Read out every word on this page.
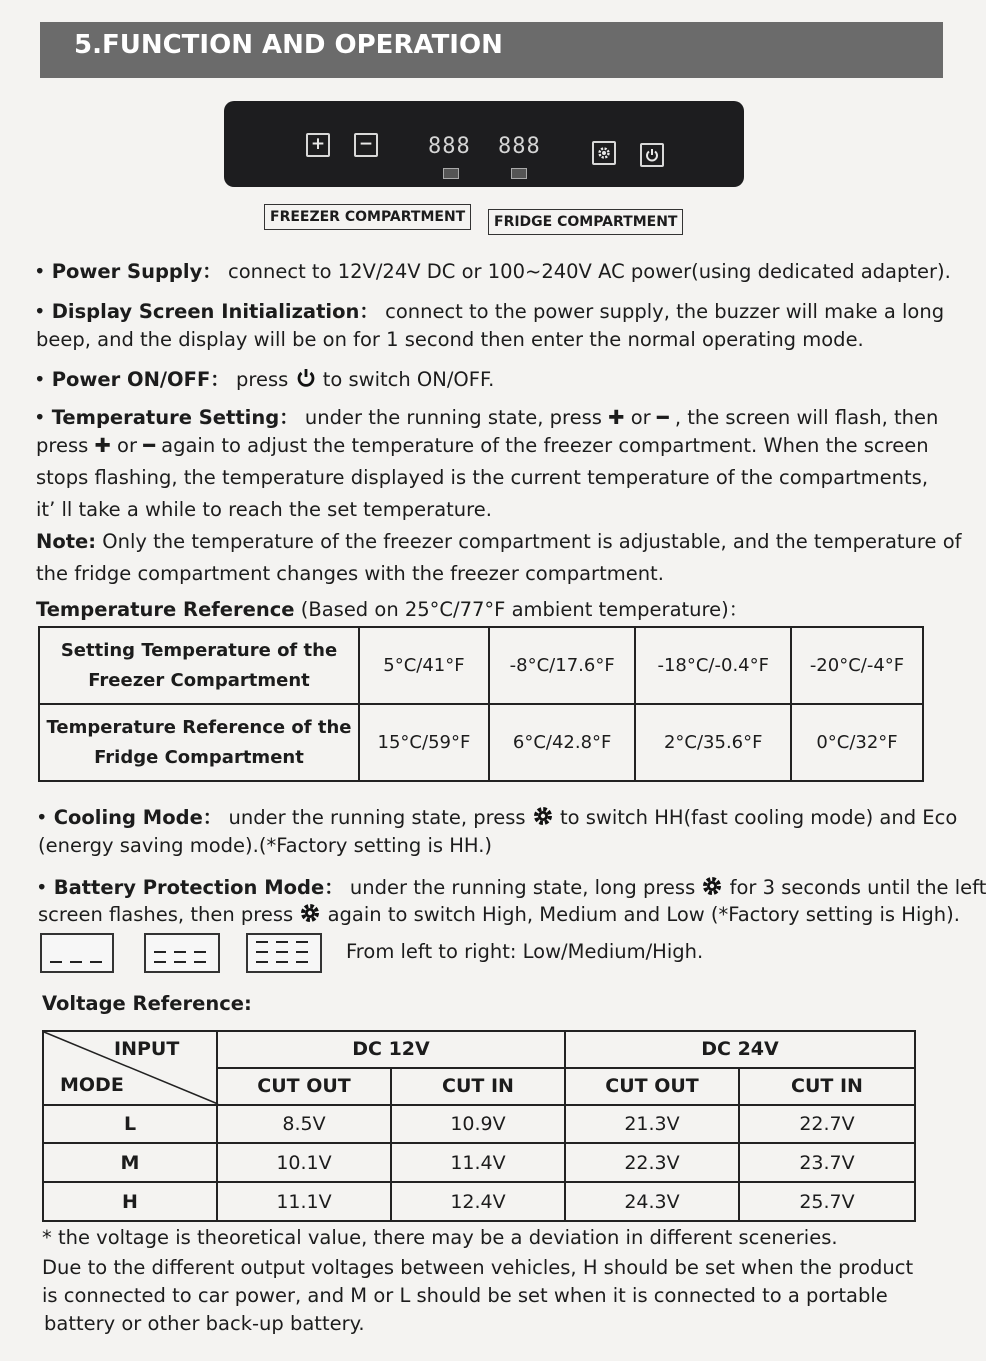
5.FUNCTION AND OPERATION
+ − 888 888
FREEZER COMPARTMENT	FRIDGE COMPARTMENT
• Power Supply： connect to 12V/24V DC or 100~240V AC power(using dedicated adapter).
• Display Screen Initialization： connect to the power supply, the buzzer will make a long
beep, and the display will be on for 1 second then enter the normal operating mode.
• Power ON/OFF： press to switch ON/OFF.
• Temperature Setting： under the running state, press ✚ or ━ , the screen will flash, then
press ✚ or ━ again to adjust the temperature of the freezer compartment. When the screen
stops flashing, the temperature displayed is the current temperature of the compartments,
it’ ll take a while to reach the set temperature.
Note: Only the temperature of the freezer compartment is adjustable, and the temperature of
the fridge compartment changes with the freezer compartment.
Temperature Reference (Based on 25°C/77°F ambient temperature)：
Setting Temperature of the
Freezer Compartment	5°C/41°F	-8°C/17.6°F	-18°C/-0.4°F	-20°C/-4°F
Temperature Reference of the
Fridge Compartment	15°C/59°F	6°C/42.8°F	2°C/35.6°F	0°C/32°F
• Cooling Mode： under the running state, press to switch HH(fast cooling mode) and Eco
(energy saving mode).(*Factory setting is HH.)
• Battery Protection Mode： under the running state, long press for 3 seconds until the left
screen flashes, then press again to switch High, Medium and Low (*Factory setting is High).
From left to right: Low/Medium/High.
Voltage Reference:
INPUT
MODE	DC 12V		DC 24V	
	CUT OUT	CUT IN	CUT OUT	CUT IN
L	8.5V	10.9V	21.3V	22.7V
M	10.1V	11.4V	22.3V	23.7V
H	11.1V	12.4V	24.3V	25.7V
* the voltage is theoretical value, there may be a deviation in different sceneries.
Due to the different output voltages between vehicles, H should be set when the product
is connected to car power, and M or L should be set when it is connected to a portable
battery or other back-up battery.
